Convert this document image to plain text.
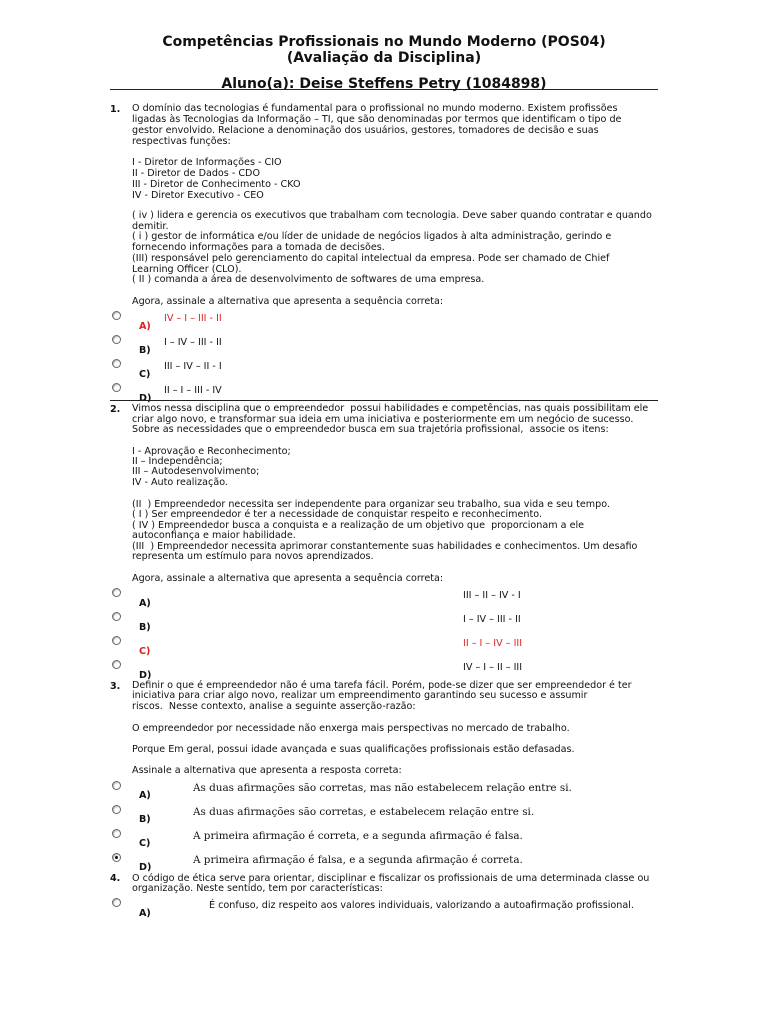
Competências Profissionais no Mundo Moderno (POS04)
(Avaliação da Disciplina)
Aluno(a): Deise Steffens Petry (1084898)
1. O domínio das tecnologias é fundamental para o profissional no mundo moderno. Existem profissões
ligadas às Tecnologias da Informação – TI, que são denominadas por termos que identificam o tipo de
gestor envolvido. Relacione a denominação dos usuários, gestores, tomadores de decisão e suas
respectivas funções:
I - Diretor de Informações - CIO
II - Diretor de Dados - CDO
III - Diretor de Conhecimento - CKO
IV - Diretor Executivo - CEO
( iv ) lidera e gerencia os executivos que trabalham com tecnologia. Deve saber quando contratar e quando
demitir.
( i ) gestor de informática e/ou líder de unidade de negócios ligados à alta administração, gerindo e
fornecendo informações para a tomada de decisões.
(III) responsável pelo gerenciamento do capital intelectual da empresa. Pode ser chamado de Chief
Learning Officer (CLO).
( II ) comanda a área de desenvolvimento de softwares de uma empresa.
Agora, assinale a alternativa que apresenta a sequência correta:
A)
IV – I – III - II
B)
I – IV – III - II
C)
III – IV – II - I
D)
II – I – III - IV
2. Vimos nessa disciplina que o empreendedor  possui habilidades e competências, nas quais possibilitam ele
criar algo novo, e transformar sua ideia em uma iniciativa e posteriormente em um negócio de sucesso.
Sobre as necessidades que o empreendedor busca em sua trajetória profissional,  associe os itens:
I - Aprovação e Reconhecimento;
II – Independência;
III – Autodesenvolvimento;
IV - Auto realização.
(II  ) Empreendedor necessita ser independente para organizar seu trabalho, sua vida e seu tempo.
( I ) Ser empreendedor é ter a necessidade de conquistar respeito e reconhecimento.
( IV ) Empreendedor busca a conquista e a realização de um objetivo que  proporcionam a ele
autoconfiança e maior habilidade.
(III  ) Empreendedor necessita aprimorar constantemente suas habilidades e conhecimentos. Um desafio
representa um estímulo para novos aprendizados.
Agora, assinale a alternativa que apresenta a sequência correta:
A)
III – II – IV - I
B)
I – IV – III - II
C)
II – I – IV – III
D)
IV – I – II – III
3. Definir o que é empreendedor não é uma tarefa fácil. Porém, pode-se dizer que ser empreendedor é ter
iniciativa para criar algo novo, realizar um empreendimento garantindo seu sucesso e assumir
riscos.  Nesse contexto, analise a seguinte asserção-razão:
O empreendedor por necessidade não enxerga mais perspectivas no mercado de trabalho.
Porque Em geral, possui idade avançada e suas qualificações profissionais estão defasadas.
Assinale a alternativa que apresenta a resposta correta:
A)
As duas afirmações são corretas, mas não estabelecem relação entre si.
B)
As duas afirmações são corretas, e estabelecem relação entre si.
C)
A primeira afirmação é correta, e a segunda afirmação é falsa.
D)
A primeira afirmação é falsa, e a segunda afirmação é correta.
4. O código de ética serve para orientar, disciplinar e fiscalizar os profissionais de uma determinada classe ou
organização. Neste sentido, tem por características:
A)
É confuso, diz respeito aos valores individuais, valorizando a autoafirmação profissional.
